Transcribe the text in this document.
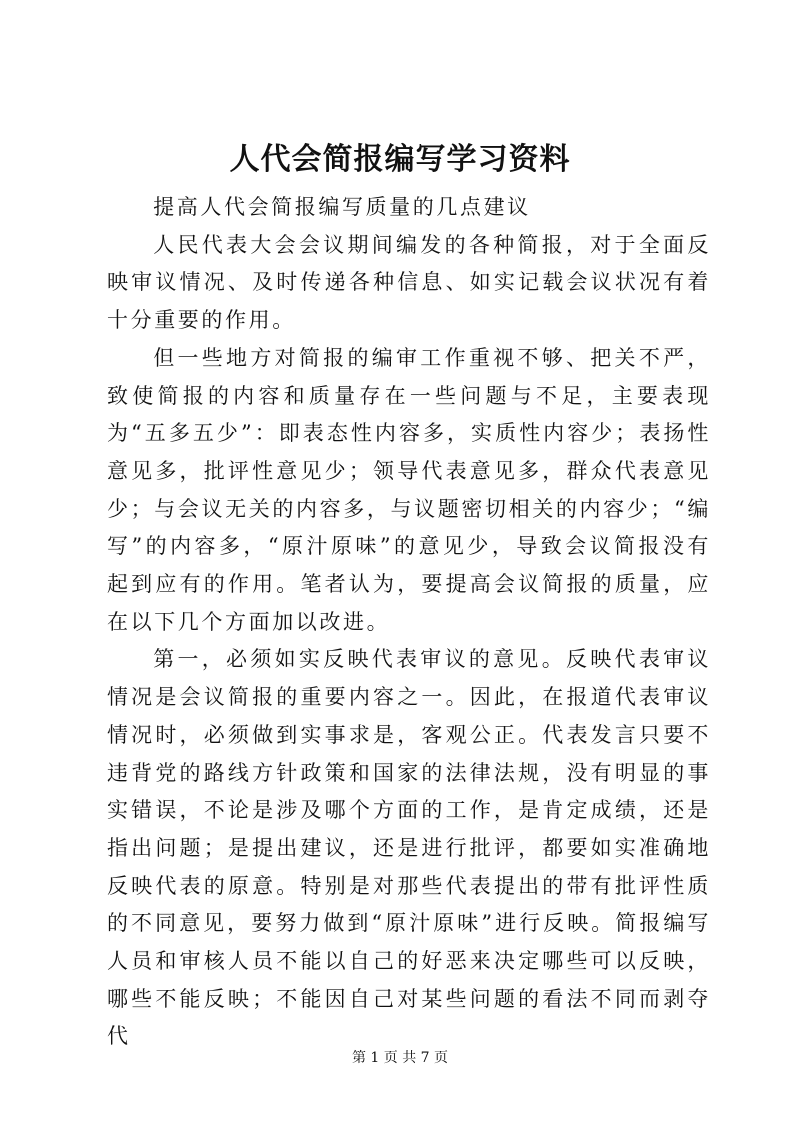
人代会简报编写学习资料

提高人代会简报编写质量的几点建议

人民代表大会会议期间编发的各种简报，对于全面反映审议情况、及时传递各种信息、如实记载会议状况有着十分重要的作用。

但一些地方对简报的编审工作重视不够、把关不严，致使简报的内容和质量存在一些问题与不足，主要表现为“五多五少”：即表态性内容多，实质性内容少；表扬性意见多，批评性意见少；领导代表意见多，群众代表意见少；与会议无关的内容多，与议题密切相关的内容少；“编写”的内容多，“原汁原味”的意见少，导致会议简报没有起到应有的作用。笔者认为，要提高会议简报的质量，应在以下几个方面加以改进。

第一，必须如实反映代表审议的意见。反映代表审议情况是会议简报的重要内容之一。因此，在报道代表审议情况时，必须做到实事求是，客观公正。代表发言只要不违背党的路线方针政策和国家的法律法规，没有明显的事实错误，不论是涉及哪个方面的工作，是肯定成绩，还是指出问题；是提出建议，还是进行批评，都要如实准确地反映代表的原意。特别是对那些代表提出的带有批评性质的不同意见，要努力做到“原汁原味”进行反映。简报编写人员和审核人员不能以自己的好恶来决定哪些可以反映，哪些不能反映；不能因自己对某些问题的看法不同而剥夺代

第 1 页 共 7 页
